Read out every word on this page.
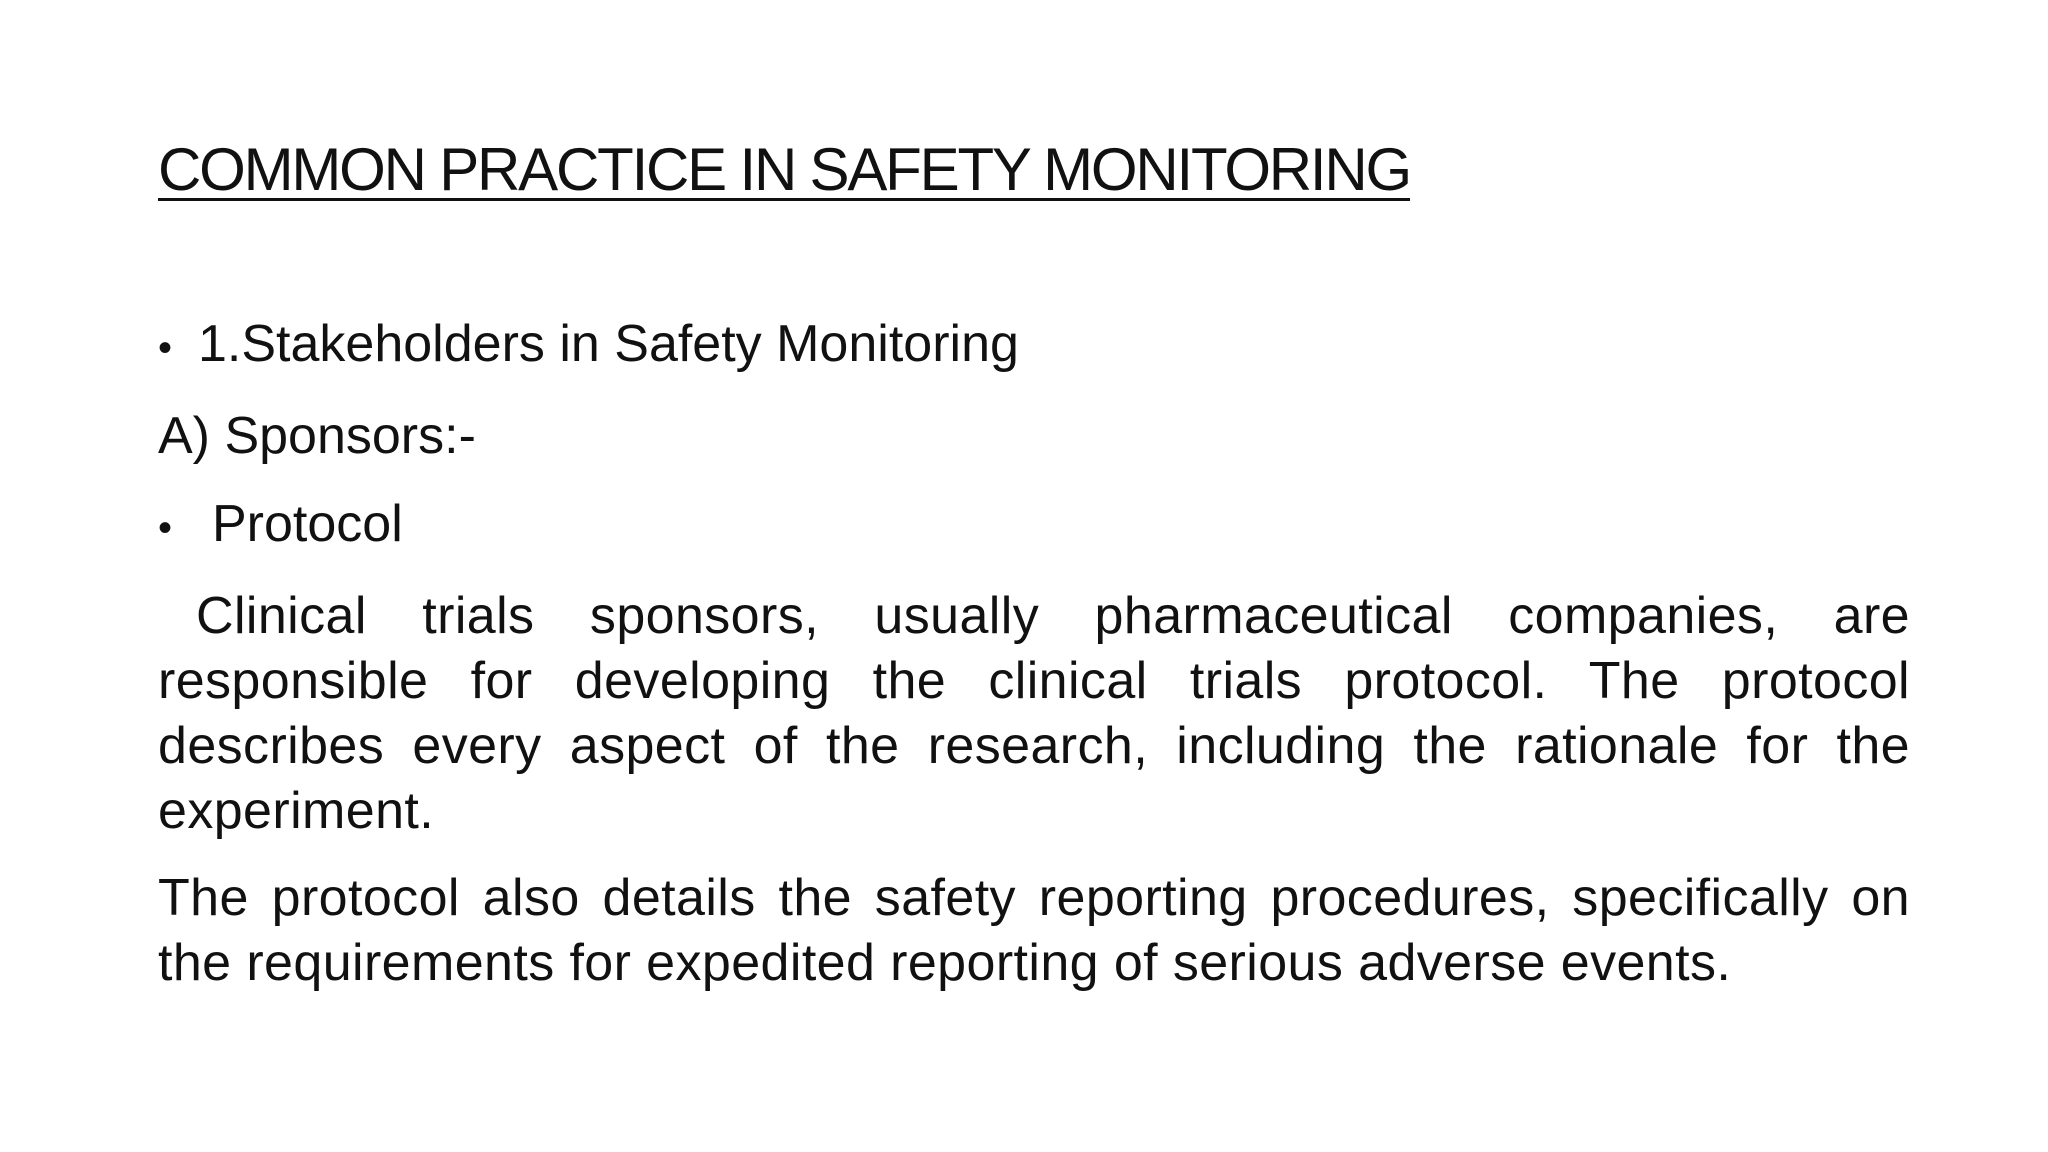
COMMON PRACTICE IN SAFETY MONITORING

• 1.Stakeholders in Safety Monitoring

A) Sponsors:-

• Protocol

Clinical trials sponsors, usually pharmaceutical companies, are responsible for developing the clinical trials protocol. The protocol describes every aspect of the research, including the rationale for the experiment.

The protocol also details the safety reporting procedures, specifically on the requirements for expedited reporting of serious adverse events.
